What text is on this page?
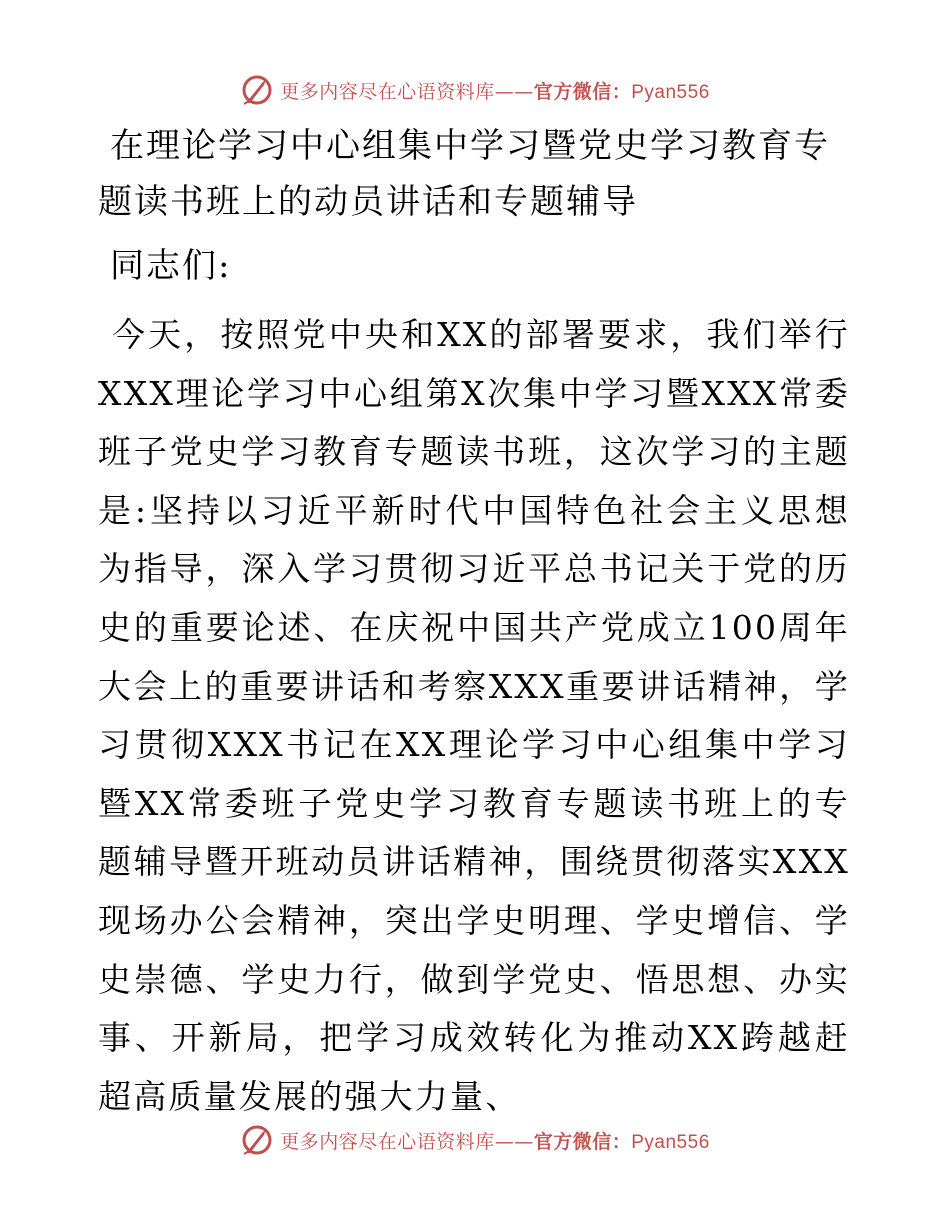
更多内容尽在心语资料库——官方微信：Pyan556
在理论学习中心组集中学习暨党史学习教育专题读书班上的动员讲话和专题辅导

同志们:

今天，按照党中央和XX的部署要求，我们举行XXX理论学习中心组第X次集中学习暨XXX常委班子党史学习教育专题读书班，这次学习的主题是:坚持以习近平新时代中国特色社会主义思想为指导，深入学习贯彻习近平总书记关于党的历史的重要论述、在庆祝中国共产党成立100周年大会上的重要讲话和考察XXX重要讲话精神，学习贯彻XXX书记在XX理论学习中心组集中学习暨XX常委班子党史学习教育专题读书班上的专题辅导暨开班动员讲话精神，围绕贯彻落实XXX现场办公会精神，突出学史明理、学史增信、学史崇德、学史力行，做到学党史、悟思想、办实事、开新局，把学习成效转化为推动XX跨越赶超高质量发展的强大力量、

更多内容尽在心语资料库——官方微信：Pyan556
